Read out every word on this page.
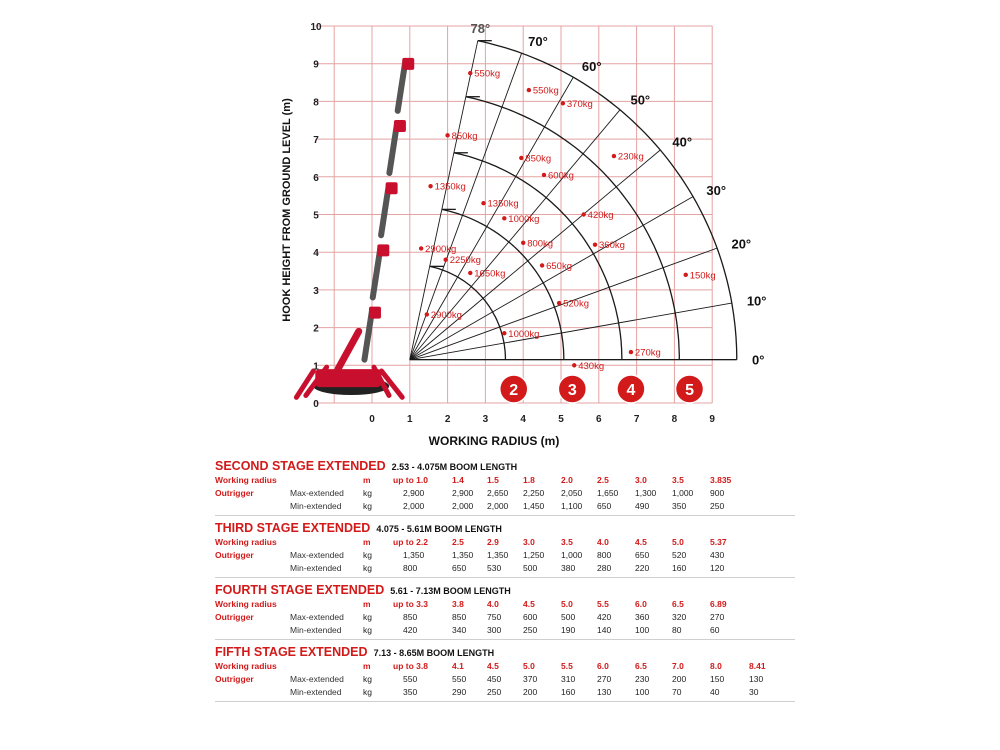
550kg
550kg
370kg
850kg
850kg
600kg
230kg
1350kg
1350kg
1000kg	420kg
800kg	360kg
2900kg
2250kg
650kg
1650kg
520kg
2900kg
1000kg
270kg
430kg
150kg
0°
10°
20°
30°
40°
50°
60°
70°
78°
2	3	4	5
0	1	2	3	4	5	6	7	8	9
0
1
2
3
4
5
6
7
8
9
10
WORKING RADIUS (m)
HOOK HEIGHT FROM GROUND LEVEL (m)
SECOND STAGE EXTENDED 2.53 - 4.075M BOOM LENGTH
Working radius	m	up to 1.0	1.4	1.5	1.8	2.0	2.5	3.0	3.5	3.835
Outrigger	Max-extended kg	2,900	2,900 2,650 2,250 2,050 1,650 1,300 1,000 900
Min-extended	kg	2,000	2,000 2,000 1,450 1,100 650	490	350	250
THIRD STAGE EXTENDED 4.075 - 5.61M BOOM LENGTH
Working radius	m	up to 2.2	2.5	2.9	3.0	3.5	4.0	4.5	5.0	5.37
Outrigger	Max-extended kg	1,350	1,350 1,350 1,250 1,000 800	650	520	430
Min-extended	kg	800	650 530	500	380	280	220	160	120
FOURTH STAGE EXTENDED 5.61 - 7.13M BOOM LENGTH
Working radius	m	up to 3.3	3.8	4.0	4.5	5.0	5.5	6.0	6.5	6.89
Outrigger	Max-extended kg	850	850 750	600	500	420	360	320	270
Min-extended	kg	420	340 300	250	190	140	100	80	60
FIFTH STAGE EXTENDED 7.13 - 8.65M BOOM LENGTH
Working radius	m	up to 3.8	4.1	4.5	5.0	5.5	6.0	6.5	7.0	8.0	8.41
Outrigger	Max-extended kg	550	550 450	370	310	270	230	200	150	130
Min-extended	kg	350	290 250	200	160	130	100	70	40	30
